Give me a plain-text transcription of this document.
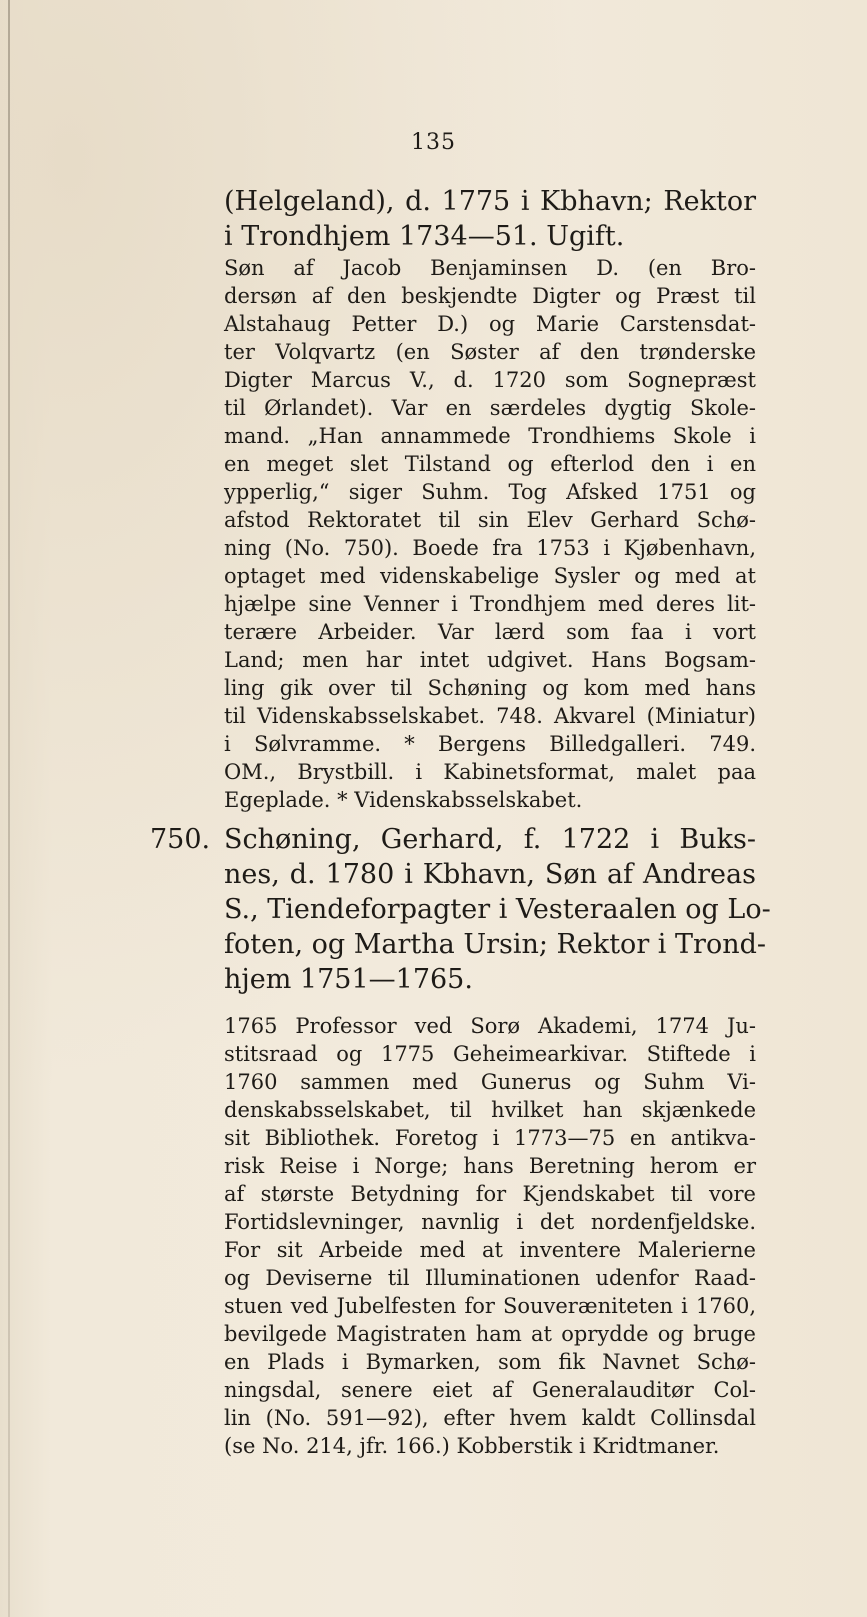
135
(Helgeland), d. 1775 i Kbhavn; Rektor
i Trondhjem 1734—51. Ugift.
Søn af Jacob Benjaminsen D. (en Bro-
dersøn af den beskjendte Digter og Præst til
Alstahaug Petter D.) og Marie Carstensdat-
ter Volqvartz (en Søster af den trønderske
Digter Marcus V., d. 1720 som Sognepræst
til Ørlandet). Var en særdeles dygtig Skole-
mand. „Han annammede Trondhiems Skole i
en meget slet Tilstand og efterlod den i en
ypperlig,“ siger Suhm. Tog Afsked 1751 og
afstod Rektoratet til sin Elev Gerhard Schø-
ning (No. 750). Boede fra 1753 i Kjøbenhavn,
optaget med videnskabelige Sysler og med at
hjælpe sine Venner i Trondhjem med deres lit-
terære Arbeider. Var lærd som faa i vort
Land; men har intet udgivet. Hans Bogsam-
ling gik over til Schøning og kom med hans
til Videnskabsselskabet. 748. Akvarel (Miniatur)
i Sølvramme. * Bergens Billedgalleri. 749.
OM., Brystbill. i Kabinetsformat, malet paa
Egeplade. * Videnskabsselskabet.
750. Schøning, Gerhard, f. 1722 i Buks-
nes, d. 1780 i Kbhavn, Søn af Andreas
S., Tiendeforpagter i Vesteraalen og Lo-
foten, og Martha Ursin; Rektor i Trond-
hjem 1751—1765.
1765 Professor ved Sorø Akademi, 1774 Ju-
stitsraad og 1775 Geheimearkivar. Stiftede i
1760 sammen med Gunerus og Suhm Vi-
denskabsselskabet, til hvilket han skjænkede
sit Bibliothek. Foretog i 1773—75 en antikva-
risk Reise i Norge; hans Beretning herom er
af største Betydning for Kjendskabet til vore
Fortidslevninger, navnlig i det nordenfjeldske.
For sit Arbeide med at inventere Malerierne
og Deviserne til Illuminationen udenfor Raad-
stuen ved Jubelfesten for Souveræniteten i 1760,
bevilgede Magistraten ham at oprydde og bruge
en Plads i Bymarken, som fik Navnet Schø-
ningsdal, senere eiet af Generalauditør Col-
lin (No. 591—92), efter hvem kaldt Collinsdal
(se No. 214, jfr. 166.) Kobberstik i Kridtmaner.
